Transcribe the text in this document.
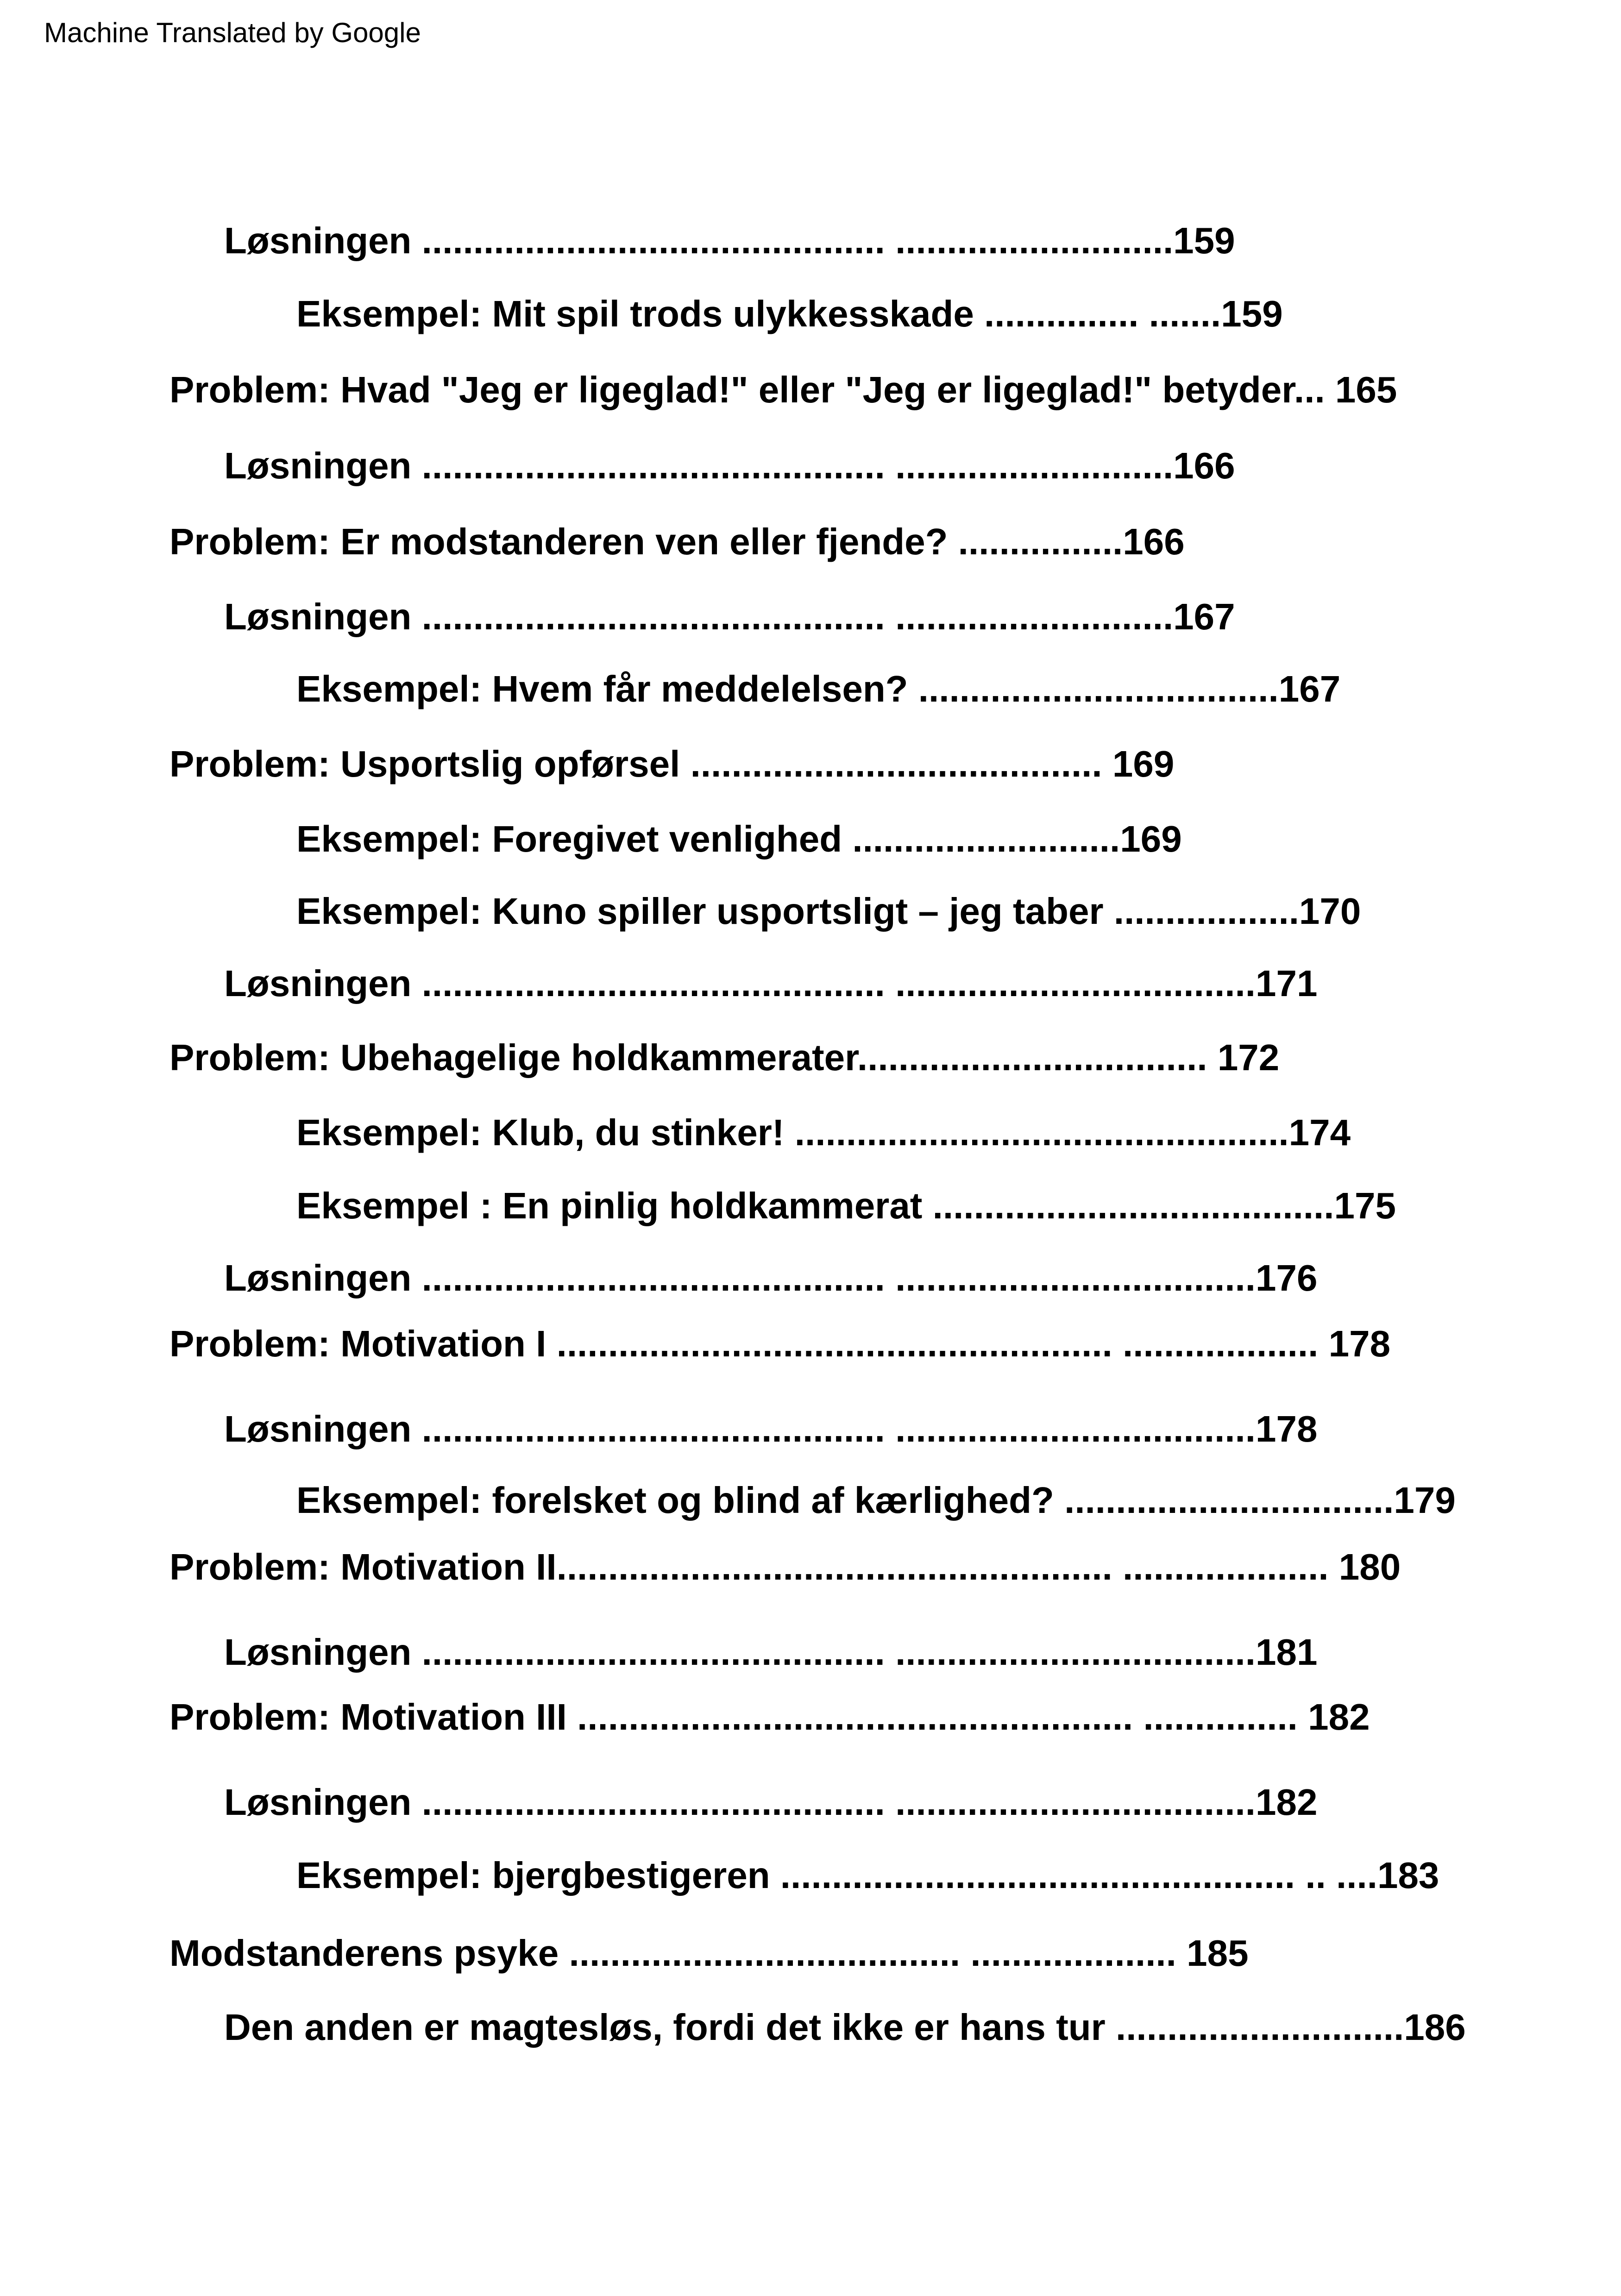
Machine Translated by Google
Løsningen ............................................. ...........................159
Eksempel: Mit spil trods ulykkesskade ............... .......159
Problem: Hvad "Jeg er ligeglad!" eller "Jeg er ligeglad!" betyder... 165
Løsningen ............................................. ...........................166
Problem: Er modstanderen ven eller fjende? ................166
Løsningen ............................................. ...........................167
Eksempel: Hvem får meddelelsen? ...................................167
Problem: Usportslig opførsel ........................................ 169
Eksempel: Foregivet venlighed ..........................169
Eksempel: Kuno spiller usportsligt – jeg taber ..................170
Løsningen ............................................. ...................................171
Problem: Ubehagelige holdkammerater.................................. 172
Eksempel: Klub, du stinker! ................................................174
Eksempel : En pinlig holdkammerat .......................................175
Løsningen ............................................. ...................................176
Problem: Motivation I ...................................................... ................... 178
Løsningen ............................................. ...................................178
Eksempel: forelsket og blind af kærlighed? ................................179
Problem: Motivation II...................................................... .................... 180
Løsningen ............................................. ...................................181
Problem: Motivation III ...................................................... ............... 182
Løsningen ............................................. ...................................182
Eksempel: bjergbestigeren .................................................. .. ....183
Modstanderens psyke ...................................... .................... 185
Den anden er magtesløs, fordi det ikke er hans tur ............................186
